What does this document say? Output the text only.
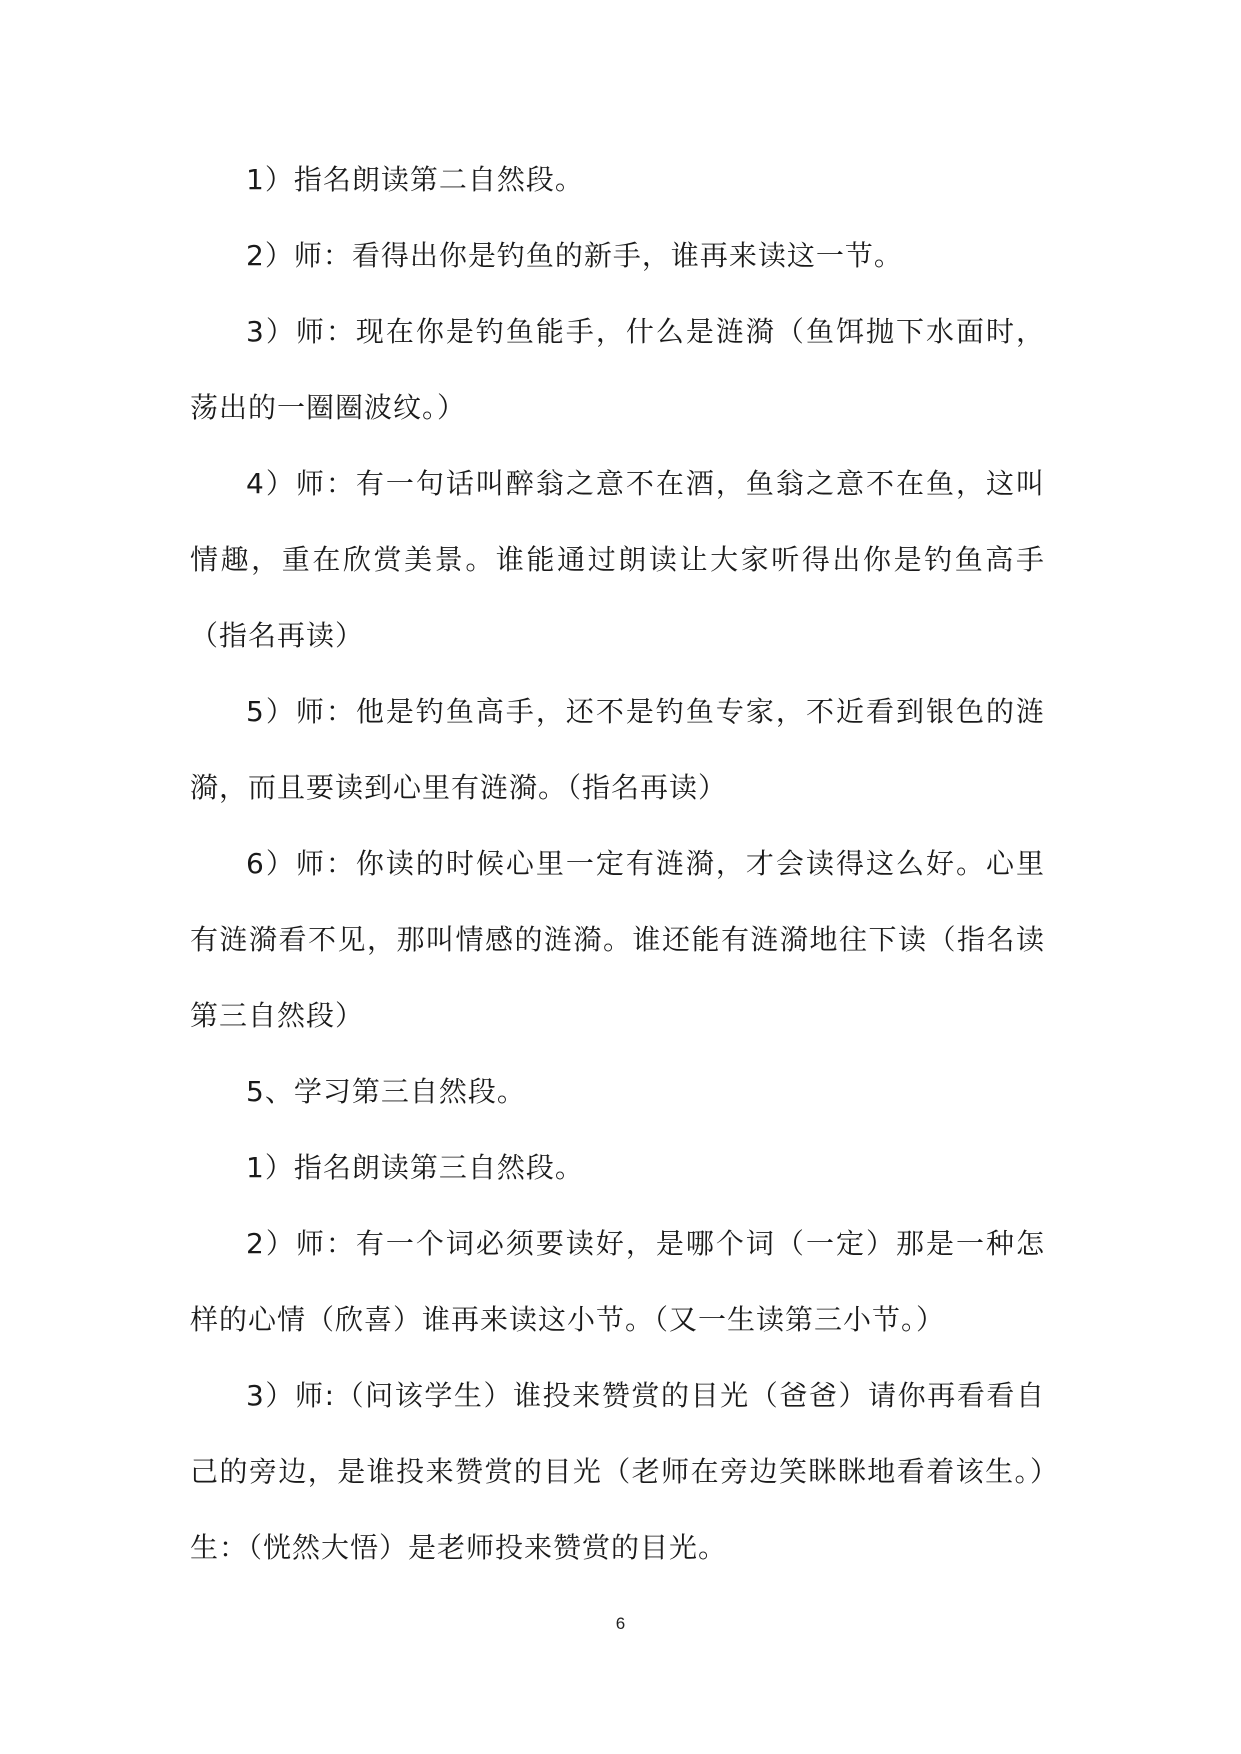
1）指名朗读第二自然段。

2）师：看得出你是钓鱼的新手，谁再来读这一节。

3）师：现在你是钓鱼能手，什么是涟漪（鱼饵抛下水面时，荡出的一圈圈波纹。）

4）师：有一句话叫醉翁之意不在酒，鱼翁之意不在鱼，这叫情趣，重在欣赏美景。谁能通过朗读让大家听得出你是钓鱼高手（指名再读）

5）师：他是钓鱼高手，还不是钓鱼专家，不近看到银色的涟漪，而且要读到心里有涟漪。（指名再读）

6）师：你读的时候心里一定有涟漪，才会读得这么好。心里有涟漪看不见，那叫情感的涟漪。谁还能有涟漪地往下读（指名读第三自然段）

5、学习第三自然段。

1）指名朗读第三自然段。

2）师：有一个词必须要读好，是哪个词（一定）那是一种怎样的心情（欣喜）谁再来读这小节。（又一生读第三小节。）

3）师:（问该学生）谁投来赞赏的目光（爸爸）请你再看看自己的旁边，是谁投来赞赏的目光（老师在旁边笑眯眯地看着该生。）生：（恍然大悟）是老师投来赞赏的目光。

6
